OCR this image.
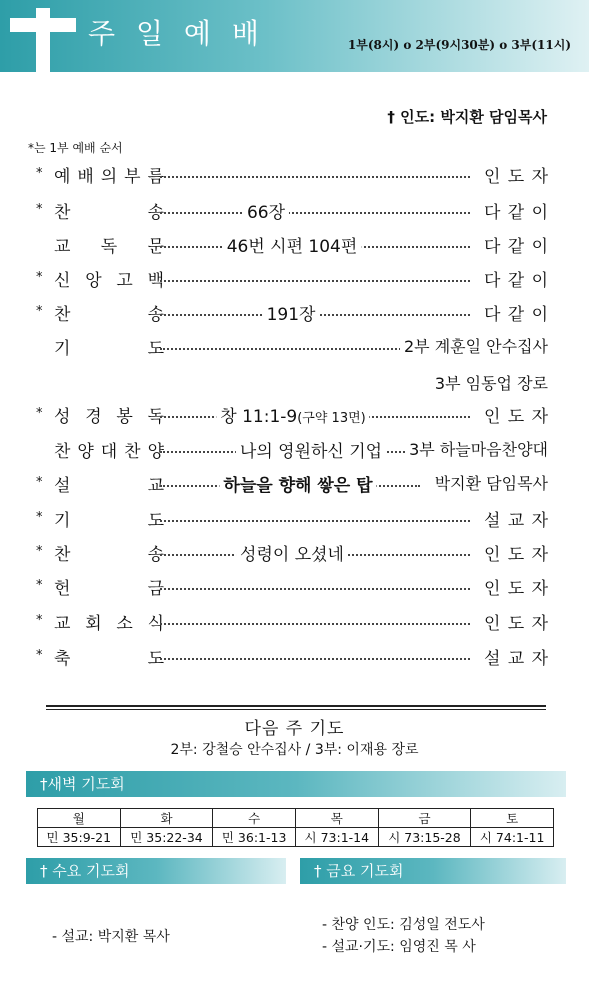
주 일 예 배	1부(8시) ο 2부(9시30분) ο 3부(11시)
† 인도: 박지환 담임목사
*는 1부 예배 순서
* 예 배 의 부 름	인 도 자
* 찬	송	66장	다 같 이
교 독 문	46번 시편 104편	다 같 이
* 신 앙 고 백	다 같 이
* 찬	송	191장	다 같 이
기	도	2부 계훈일 안수집사
* 성 경 봉 독	창 11:1-9(구약 13면)	인 도 자
찬 양 대 찬 양	나의 영원하신 기업 3부 하늘마음찬양대
* 설	교	하늘을 향해 쌓은 탑	박지환 담임목사
* 기	도	설 교 자
* 찬	송	성령이 오셨네	인 도 자
* 헌	금	인 도 자
* 교 회 소 식	인 도 자
* 축	도	설 교 자
3부 임동업 장로
다음 주 기도
2부: 강철승 안수집사 / 3부: 이재용 장로
†새벽 기도회
월	화	수	목	금	토
민 35:9-21	민 35:22-34	민 36:1-13	시 73:1-14	시 73:15-28	시 74:1-11
† 수요 기도회	† 금요 기도회
- 설교: 박지환 목사
- 찬양 인도: 김성일 전도사
- 설교·기도: 임영진 목 사
